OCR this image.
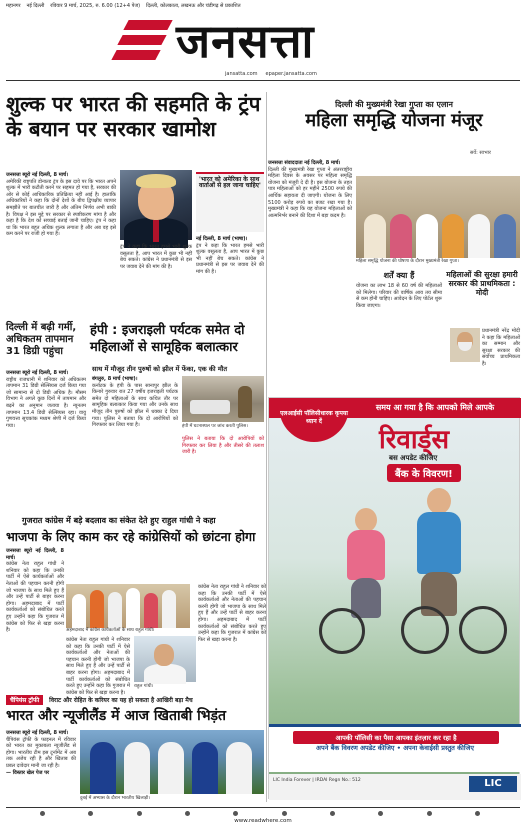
महानगर नई दिल्ली रविवार 9 मार्च, 2025, रु. 6.00 (12+4 पेज) दिल्ली, कोलकाता, लखनऊ और चंडीगढ़ से प्रकाशित
जनसत्ता
jansatta.com epaper.jansatta.com
शुल्क पर भारत की सहमति के ट्रंप के बयान पर सरकार खामोश
जनसत्ता ब्यूरो नई दिल्ली, 8 मार्च।
अमेरिकी राष्ट्रपति डोनाल्ड ट्रंप के इस दावे पर कि भारत अपने शुल्क में भारी कटौती करने पर सहमत हो गया है, सरकार की ओर से कोई आधिकारिक प्रतिक्रिया नहीं आई है। हालांकि अधिकारियों ने कहा कि दोनों देशों के बीच द्विपक्षीय व्यापार समझौते पर बातचीत जारी है और अंतिम निर्णय अभी बाकी है। विपक्ष ने इस मुद्दे पर सरकार से स्पष्टीकरण मांगा है और कहा है कि देश को सच्चाई बताई जानी चाहिए। ट्रंप ने कहा था कि भारत बहुत अधिक शुल्क लगाता है और अब वह इसे कम करने पर राजी हो गया है।
ट्रंप ने कहा कि भारत हमसे भारी शुल्क वसूलता है, आप भारत में कुछ भी नहीं बेच सकते। कांग्रेस ने प्रधानमंत्री से इस पर जवाब देने की मांग की है।
'भारत को अमेरिका के साथ वार्ताओं से हल जाना चाहिए'
नई दिल्ली, 8 मार्च (भाषा)।
ट्रंप ने कहा कि भारत हमसे भारी शुल्क वसूलता है, आप भारत में कुछ भी नहीं बेच सकते। कांग्रेस ने प्रधानमंत्री से इस पर जवाब देने की मांग की है।
दिल्ली में बढ़ी गर्मी, अधिकतम तापमान 31 डिग्री पहुंचा
जनसत्ता ब्यूरो नई दिल्ली, 8 मार्च।
राष्ट्रीय राजधानी में शनिवार को अधिकतम तापमान 31 डिग्री सेल्सियस दर्ज किया गया जो सामान्य से दो डिग्री अधिक है। मौसम विभाग ने अगले कुछ दिनों में तापमान और बढ़ने का अनुमान जताया है। न्यूनतम तापमान 13.4 डिग्री सेल्सियस रहा। वायु गुणवत्ता सूचकांक मध्यम श्रेणी में दर्ज किया गया।
हंपी : इजराइली पर्यटक समेत दो महिलाओं से सामूहिक बलात्कार
साथ में मौजूद तीन पुरुषों को झील में फेंका, एक की मौत
बंगलुरु, 8 मार्च (भाषा)।
कर्नाटक के हंपी के पास सानापुर झील के किनारे गुरुवार रात 27 वर्षीय इजराइली पर्यटक समेत दो महिलाओं के साथ कथित तौर पर सामूहिक बलात्कार किया गया और उनके साथ मौजूद तीन पुरुषों को झील में धक्का दे दिया गया। पुलिस ने बताया कि दो आरोपियों को गिरफ्तार कर लिया गया है।	हंपी में घटनास्थल पर जांच करती पुलिस।
पुलिस ने बताया कि दो आरोपियों को गिरफ्तार कर लिया है और तीसरे की तलाश जारी है।
गुजरात कांग्रेस में बड़े बदलाव का संकेत देते हुए राहुल गांधी ने कहा
भाजपा के लिए काम कर रहे कांग्रेसियों को छांटना होगा
जनसत्ता ब्यूरो नई दिल्ली, 8 मार्च।
कांग्रेस नेता राहुल गांधी ने शनिवार को कहा कि उनकी पार्टी में ऐसे कार्यकर्ताओं और नेताओं की पहचान करनी होगी जो भाजपा के साथ मिले हुए हैं और उन्हें पार्टी से बाहर करना होगा। अहमदाबाद में पार्टी कार्यकर्ताओं को संबोधित करते हुए उन्होंने कहा कि गुजरात में कांग्रेस को फिर से खड़ा करना है।	अहमदाबाद में कांग्रेस कार्यकर्ताओं के साथ राहुल गांधी।
कांग्रेस नेता राहुल गांधी ने शनिवार को कहा कि उनकी पार्टी में ऐसे कार्यकर्ताओं और नेताओं की पहचान करनी होगी जो भाजपा के साथ मिले हुए हैं और उन्हें पार्टी से बाहर करना होगा। अहमदाबाद में पार्टी कार्यकर्ताओं को संबोधित करते हुए उन्होंने कहा कि गुजरात में कांग्रेस को फिर से खड़ा करना है।
राहुल गांधी।
कांग्रेस नेता राहुल गांधी ने शनिवार को कहा कि उनकी पार्टी में ऐसे कार्यकर्ताओं और नेताओं की पहचान करनी होगी जो भाजपा के साथ मिले हुए हैं और उन्हें पार्टी से बाहर करना होगा। अहमदाबाद में पार्टी कार्यकर्ताओं को संबोधित करते हुए उन्होंने कहा कि गुजरात में कांग्रेस को फिर से खड़ा करना है।
चैंपियंस ट्रॉफी	विराट और रोहित के करियर का यह हो सकता है आखिरी बड़ा मैच
भारत और न्यूजीलैंड में आज खिताबी भिड़ंत
जनसत्ता ब्यूरो नई दिल्ली, 8 मार्च।
चैंपियंस ट्रॉफी के फाइनल में रविवार को भारत का मुकाबला न्यूजीलैंड से होगा। भारतीय टीम इस टूर्नामेंट में अब तक अजेय रही है और खिताब की प्रबल दावेदार मानी जा रही है।
— विस्तार खेल पेज पर
दुबई में अभ्यास के दौरान भारतीय खिलाड़ी।
दिल्ली की मुख्यमंत्री रेखा गुप्ता का एलान
महिला समृद्धि योजना मंजूर
सर्वे: साभार
जनसत्ता संवाददाता नई दिल्ली, 8 मार्च।
दिल्ली की मुख्यमंत्री रेखा गुप्ता ने अंतरराष्ट्रीय महिला दिवस के अवसर पर महिला समृद्धि योजना को मंजूरी दे दी है। इस योजना के तहत पात्र महिलाओं को हर महीने 2500 रुपये की आर्थिक सहायता दी जाएगी। योजना के लिए 5100 करोड़ रुपये का बजट रखा गया है। मुख्यमंत्री ने कहा कि यह योजना महिलाओं को आत्मनिर्भर बनाने की दिशा में बड़ा कदम है।
महिला समृद्धि योजना की घोषणा के दौरान मुख्यमंत्री रेखा गुप्ता।
शर्तें क्या हैं
योजना का लाभ 18 से 60 वर्ष की महिलाओं को मिलेगा। परिवार की वार्षिक आय तय सीमा से कम होनी चाहिए। आवेदन के लिए पोर्टल शुरू किया जाएगा।
महिलाओं की सुरक्षा हमारी सरकार की प्राथमिकता : मोदी
प्रधानमंत्री नरेंद्र मोदी ने कहा कि महिलाओं का सम्मान और सुरक्षा सरकार की सर्वोच्च प्राथमिकता है।
एलआईसी पॉलिसीधारक कृपया ध्यान दें
समय आ गया है कि आपको मिले आपके
रिवार्ड्स
बस अपडेट कीजिए
बैंक के विवरण!
आपकी पॉलिसी का पैसा आपका इंतज़ार कर रहा है
अपने बैंक विवरण अपडेट कीजिए • अपना केवाईसी प्रस्तुत कीजिए
LIC India Forever | IRDAI Regn No.: 512	LIC
www.readwhere.com
